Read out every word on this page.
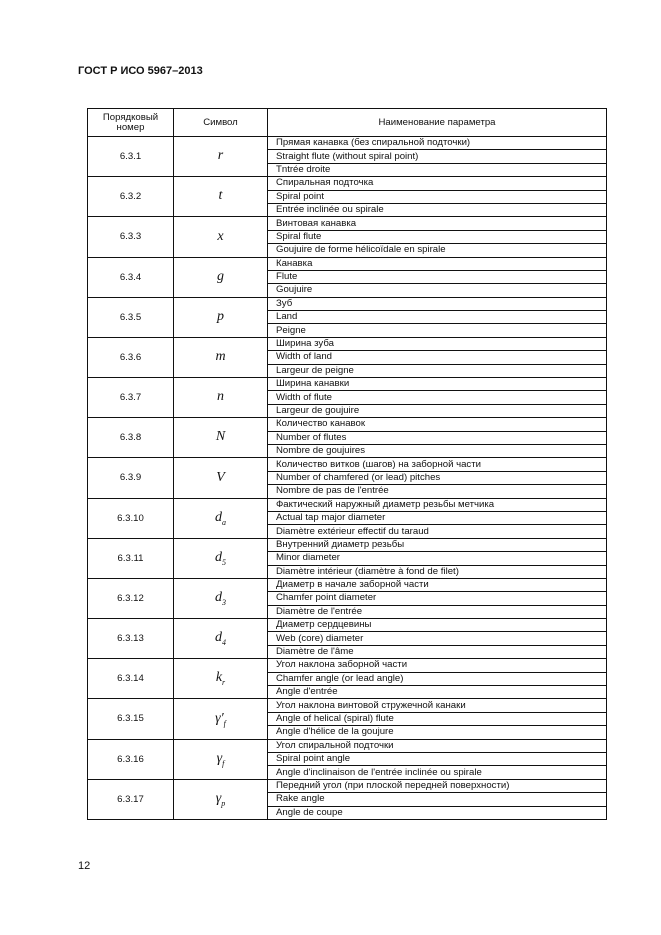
ГОСТ Р ИСО 5967–2013
Порядковый номер	Символ	Наименование параметра
6.3.1	r	Прямая канавка (без спиральной подточки)
		Straight flute (without spiral point)
		Tntrée droite
6.3.2	t	Спиральная подточка
		Spiral point
		Entrée inclinée ou spirale
6.3.3	x	Винтовая канавка
		Spiral flute
		Goujuire de forme hélicoïdale en spirale
6.3.4	g	Канавка
		Flute
		Goujuire
6.3.5	p	Зуб
		Land
		Peigne
6.3.6	m	Ширина зуба
		Width of land
		Largeur de peigne
6.3.7	n	Ширина канавки
		Width of flute
		Largeur de goujuire
6.3.8	N	Количество канавок
		Number of flutes
		Nombre de goujuires
6.3.9	V	Количество витков (шагов) на заборной части
		Number of chamfered (or lead) pitches
		Nombre de pas de l'entrée
6.3.10	$d_a$	Фактический наружный диаметр резьбы метчика
		Actual tap major diameter
		Diamètre extérieur effectif du taraud
6.3.11	$d_5$	Внутренний диаметр резьбы
		Minor diameter
		Diamètre intérieur (diamètre à fond de filet)
6.3.12	$d_3$	Диаметр в начале заборной части
		Chamfer point diameter
		Diamètre de l'entrée
6.3.13	$d_4$	Диаметр сердцевины
		Web (core) diameter
		Diamètre de l'âme
6.3.14	$k_r$	Угол наклона заборной части
		Chamfer angle (or lead angle)
		Angle d'entrée
6.3.15	$\gamma'_f$	Угол наклона винтовой стружечной канаки
		Angle of helical (spiral) flute
		Angle d'hélice de la goujure
6.3.16	$\gamma_f$	Угол спиральной подточки
		Spiral point angle
		Angle d'inclinaison de l'entrée inclinée ou spirale
6.3.17	$\gamma_p$	Передний угол (при плоской передней поверхности)
		Rake angle
		Angle de coupe
12
